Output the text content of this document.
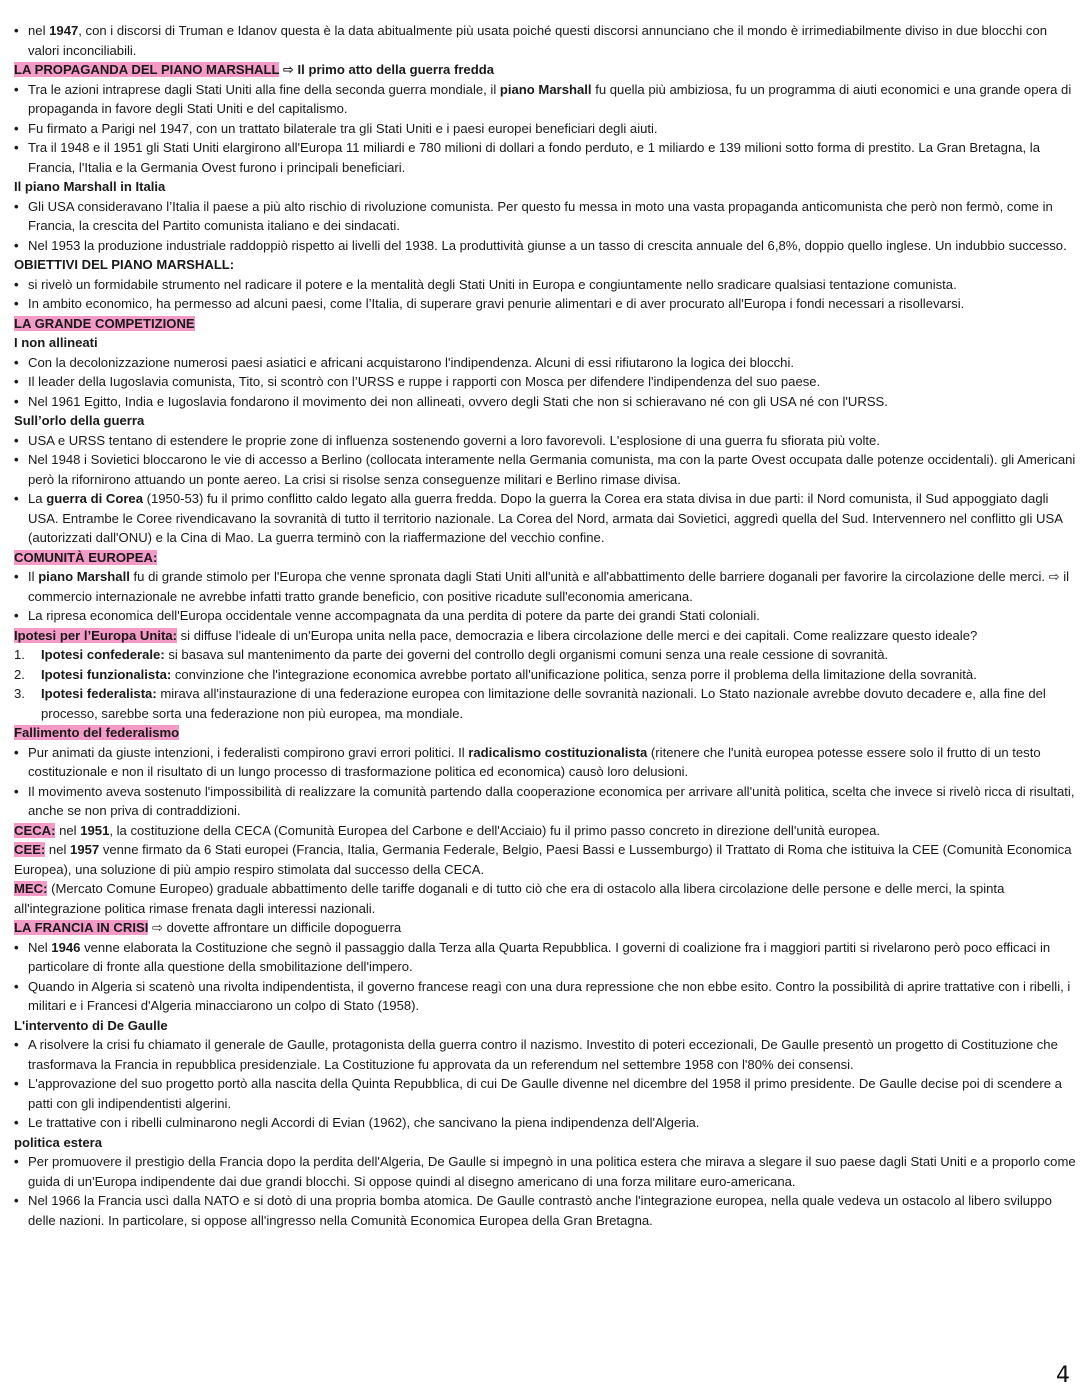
• nel 1947, con i discorsi di Truman e Idanov questa è la data abitualmente più usata poiché questi discorsi annunciano che il mondo è irrimediabilmente diviso in due blocchi con valori inconciliabili.
LA PROPAGANDA DEL PIANO MARSHALL ⇨ Il primo atto della guerra fredda
• Tra le azioni intraprese dagli Stati Uniti alla fine della seconda guerra mondiale, il piano Marshall fu quella più ambiziosa, fu un programma di aiuti economici e una grande opera di propaganda in favore degli Stati Uniti e del capitalismo.
• Fu firmato a Parigi nel 1947, con un trattato bilaterale tra gli Stati Uniti e i paesi europei beneficiari degli aiuti.
• Tra il 1948 e il 1951 gli Stati Uniti elargirono all'Europa 11 miliardi e 780 milioni di dollari a fondo perduto, e 1 miliardo e 139 milioni sotto forma di prestito. La Gran Bretagna, la Francia, l'Italia e la Germania Ovest furono i principali beneficiari.
Il piano Marshall in Italia
• Gli USA consideravano l’Italia il paese a più alto rischio di rivoluzione comunista. Per questo fu messa in moto una vasta propaganda anticomunista che però non fermò, come in Francia, la crescita del Partito comunista italiano e dei sindacati.
• Nel 1953 la produzione industriale raddoppiò rispetto ai livelli del 1938. La produttività giunse a un tasso di crescita annuale del 6,8%, doppio quello inglese. Un indubbio successo.
OBIETTIVI DEL PIANO MARSHALL:
• si rivelò un formidabile strumento nel radicare il potere e la mentalità degli Stati Uniti in Europa e congiuntamente nello sradicare qualsiasi tentazione comunista.
• In ambito economico, ha permesso ad alcuni paesi, come l’Italia, di superare gravi penurie alimentari e di aver procurato all'Europa i fondi necessari a risollevarsi.
LA GRANDE COMPETIZIONE
I non allineati
• Con la decolonizzazione numerosi paesi asiatici e africani acquistarono l'indipendenza. Alcuni di essi rifiutarono la logica dei blocchi.
• Il leader della Iugoslavia comunista, Tito, si scontrò con l’URSS e ruppe i rapporti con Mosca per difendere l'indipendenza del suo paese.
• Nel 1961 Egitto, India e Iugoslavia fondarono il movimento dei non allineati, ovvero degli Stati che non si schieravano né con gli USA né con l'URSS.
Sull’orlo della guerra
• USA e URSS tentano di estendere le proprie zone di influenza sostenendo governi a loro favorevoli. L'esplosione di una guerra fu sfiorata più volte.
• Nel 1948 i Sovietici bloccarono le vie di accesso a Berlino (collocata interamente nella Germania comunista, ma con la parte Ovest occupata dalle potenze occidentali). gli Americani però la rifornirono attuando un ponte aereo. La crisi si risolse senza conseguenze militari e Berlino rimase divisa.
• La guerra di Corea (1950-53) fu il primo conflitto caldo legato alla guerra fredda. Dopo la guerra la Corea era stata divisa in due parti: il Nord comunista, il Sud appoggiato dagli USA. Entrambe le Coree rivendicavano la sovranità di tutto il territorio nazionale. La Corea del Nord, armata dai Sovietici, aggredì quella del Sud. Intervennero nel conflitto gli USA (autorizzati dall'ONU) e la Cina di Mao. La guerra terminò con la riaffermazione del vecchio confine.
COMUNITÀ EUROPEA:
• Il piano Marshall fu di grande stimolo per l'Europa che venne spronata dagli Stati Uniti all'unità e all'abbattimento delle barriere doganali per favorire la circolazione delle merci. ⇨ il commercio internazionale ne avrebbe infatti tratto grande beneficio, con positive ricadute sull'economia americana.
• La ripresa economica dell'Europa occidentale venne accompagnata da una perdita di potere da parte dei grandi Stati coloniali.
Ipotesi per l’Europa Unita: si diffuse l'ideale di un'Europa unita nella pace, democrazia e libera circolazione delle merci e dei capitali. Come realizzare questo ideale?
1. Ipotesi confederale: si basava sul mantenimento da parte dei governi del controllo degli organismi comuni senza una reale cessione di sovranità.
2. Ipotesi funzionalista: convinzione che l'integrazione economica avrebbe portato all'unificazione politica, senza porre il problema della limitazione della sovranità.
3. Ipotesi federalista: mirava all'instaurazione di una federazione europea con limitazione delle sovranità nazionali. Lo Stato nazionale avrebbe dovuto decadere e, alla fine del processo, sarebbe sorta una federazione non più europea, ma mondiale.
Fallimento del federalismo
• Pur animati da giuste intenzioni, i federalisti compirono gravi errori politici. Il radicalismo costituzionalista (ritenere che l'unità europea potesse essere solo il frutto di un testo costituzionale e non il risultato di un lungo processo di trasformazione politica ed economica) causò loro delusioni.
• Il movimento aveva sostenuto l'impossibilità di realizzare la comunità partendo dalla cooperazione economica per arrivare all'unità politica, scelta che invece si rivelò ricca di risultati, anche se non priva di contraddizioni.
CECA: nel 1951, la costituzione della CECA (Comunità Europea del Carbone e dell'Acciaio) fu il primo passo concreto in direzione dell'unità europea.
CEE: nel 1957 venne firmato da 6 Stati europei (Francia, Italia, Germania Federale, Belgio, Paesi Bassi e Lussemburgo) il Trattato di Roma che istituiva la CEE (Comunità Economica Europea), una soluzione di più ampio respiro stimolata dal successo della CECA.
MEC: (Mercato Comune Europeo) graduale abbattimento delle tariffe doganali e di tutto ciò che era di ostacolo alla libera circolazione delle persone e delle merci, la spinta all'integrazione politica rimase frenata dagli interessi nazionali.
LA FRANCIA IN CRISI ⇨ dovette affrontare un difficile dopoguerra
• Nel 1946 venne elaborata la Costituzione che segnò il passaggio dalla Terza alla Quarta Repubblica. I governi di coalizione fra i maggiori partiti si rivelarono però poco efficaci in particolare di fronte alla questione della smobilitazione dell'impero.
• Quando in Algeria si scatenò una rivolta indipendentista, il governo francese reagì con una dura repressione che non ebbe esito. Contro la possibilità di aprire trattative con i ribelli, i militari e i Francesi d'Algeria minacciarono un colpo di Stato (1958).
L'intervento di De Gaulle
• A risolvere la crisi fu chiamato il generale de Gaulle, protagonista della guerra contro il nazismo. Investito di poteri eccezionali, De Gaulle presentò un progetto di Costituzione che trasformava la Francia in repubblica presidenziale. La Costituzione fu approvata da un referendum nel settembre 1958 con l'80% dei consensi.
• L'approvazione del suo progetto portò alla nascita della Quinta Repubblica, di cui De Gaulle divenne nel dicembre del 1958 il primo presidente. De Gaulle decise poi di scendere a patti con gli indipendentisti algerini.
• Le trattative con i ribelli culminarono negli Accordi di Evian (1962), che sancivano la piena indipendenza dell'Algeria.
politica estera
• Per promuovere il prestigio della Francia dopo la perdita dell'Algeria, De Gaulle si impegnò in una politica estera che mirava a slegare il suo paese dagli Stati Uniti e a proporlo come guida di un'Europa indipendente dai due grandi blocchi. Si oppose quindi al disegno americano di una forza militare euro-americana.
• Nel 1966 la Francia uscì dalla NATO e si dotò di una propria bomba atomica. De Gaulle contrastò anche l'integrazione europea, nella quale vedeva un ostacolo al libero sviluppo delle nazioni. In particolare, si oppose all'ingresso nella Comunità Economica Europea della Gran Bretagna.
4
